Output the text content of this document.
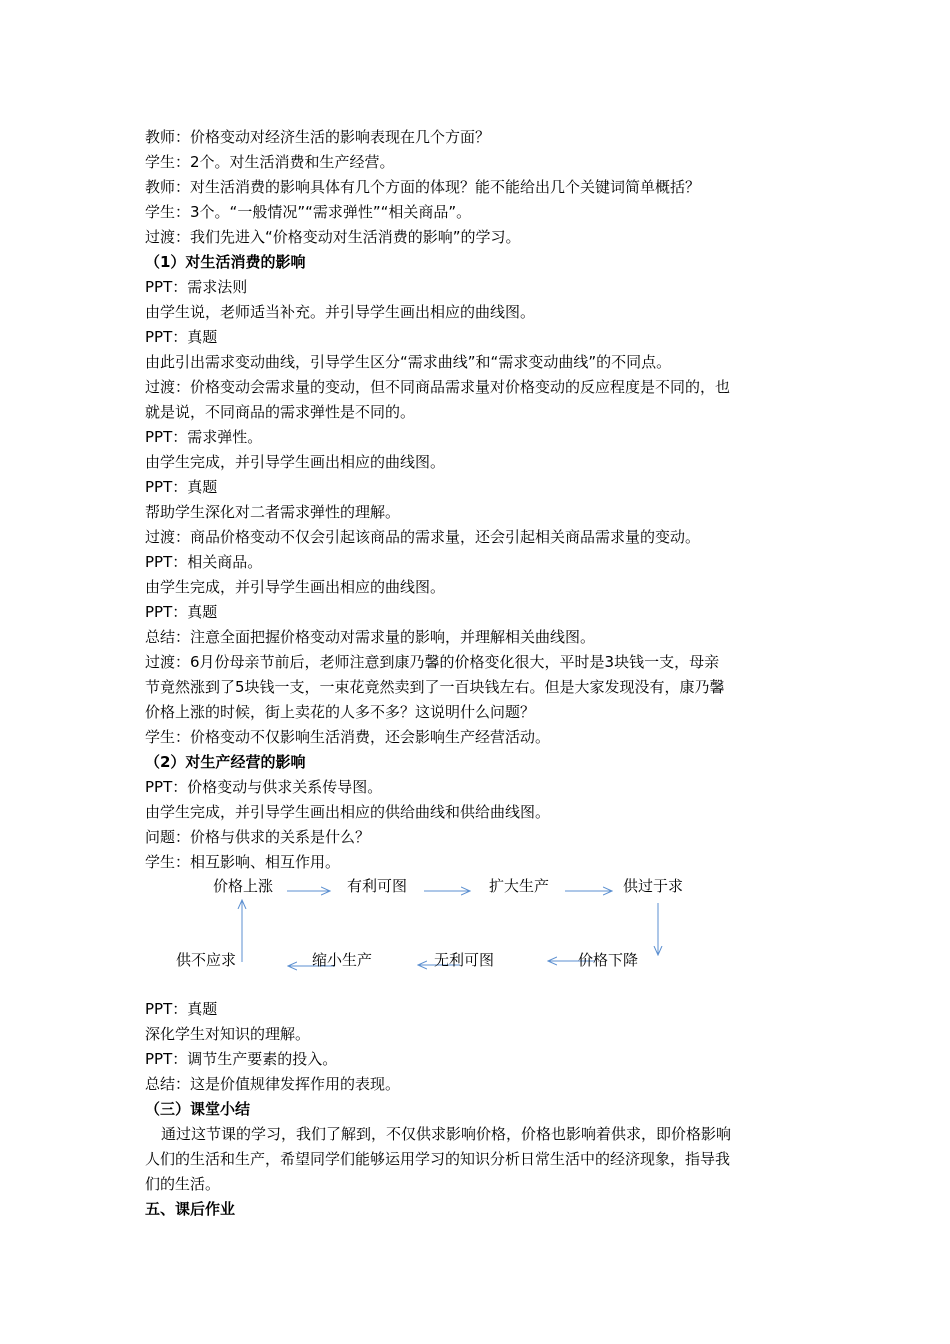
教师：价格变动对经济生活的影响表现在几个方面？
学生：2个。对生活消费和生产经营。
教师：对生活消费的影响具体有几个方面的体现？能不能给出几个关键词简单概括？
学生：3个。“一般情况”“需求弹性”“相关商品”。
过渡：我们先进入“价格变动对生活消费的影响”的学习。
（1）对生活消费的影响
PPT：需求法则
由学生说，老师适当补充。并引导学生画出相应的曲线图。
PPT：真题
由此引出需求变动曲线，引导学生区分“需求曲线”和“需求变动曲线”的不同点。
过渡：价格变动会需求量的变动，但不同商品需求量对价格变动的反应程度是不同的，也
就是说，不同商品的需求弹性是不同的。
PPT：需求弹性。
由学生完成，并引导学生画出相应的曲线图。
PPT：真题
帮助学生深化对二者需求弹性的理解。
过渡：商品价格变动不仅会引起该商品的需求量，还会引起相关商品需求量的变动。
PPT：相关商品。
由学生完成，并引导学生画出相应的曲线图。
PPT：真题
总结：注意全面把握价格变动对需求量的影响，并理解相关曲线图。
过渡：6月份母亲节前后，老师注意到康乃馨的价格变化很大，平时是3块钱一支，母亲
节竟然涨到了5块钱一支，一束花竟然卖到了一百块钱左右。但是大家发现没有，康乃馨
价格上涨的时候，街上卖花的人多不多？这说明什么问题？
学生：价格变动不仅影响生活消费，还会影响生产经营活动。
（2）对生产经营的影响
PPT：价格变动与供求关系传导图。
由学生完成，并引导学生画出相应的供给曲线和供给曲线图。
问题：价格与供求的关系是什么？
学生：相互影响、相互作用。
价格上涨	有利可图	扩大生产	供过于求
供不应求	缩小生产	无利可图	价格下降
PPT：真题
深化学生对知识的理解。
PPT：调节生产要素的投入。
总结：这是价值规律发挥作用的表现。
（三）课堂小结
通过这节课的学习，我们了解到，不仅供求影响价格，价格也影响着供求，即价格影响
人们的生活和生产，希望同学们能够运用学习的知识分析日常生活中的经济现象，指导我
们的生活。
五、课后作业
